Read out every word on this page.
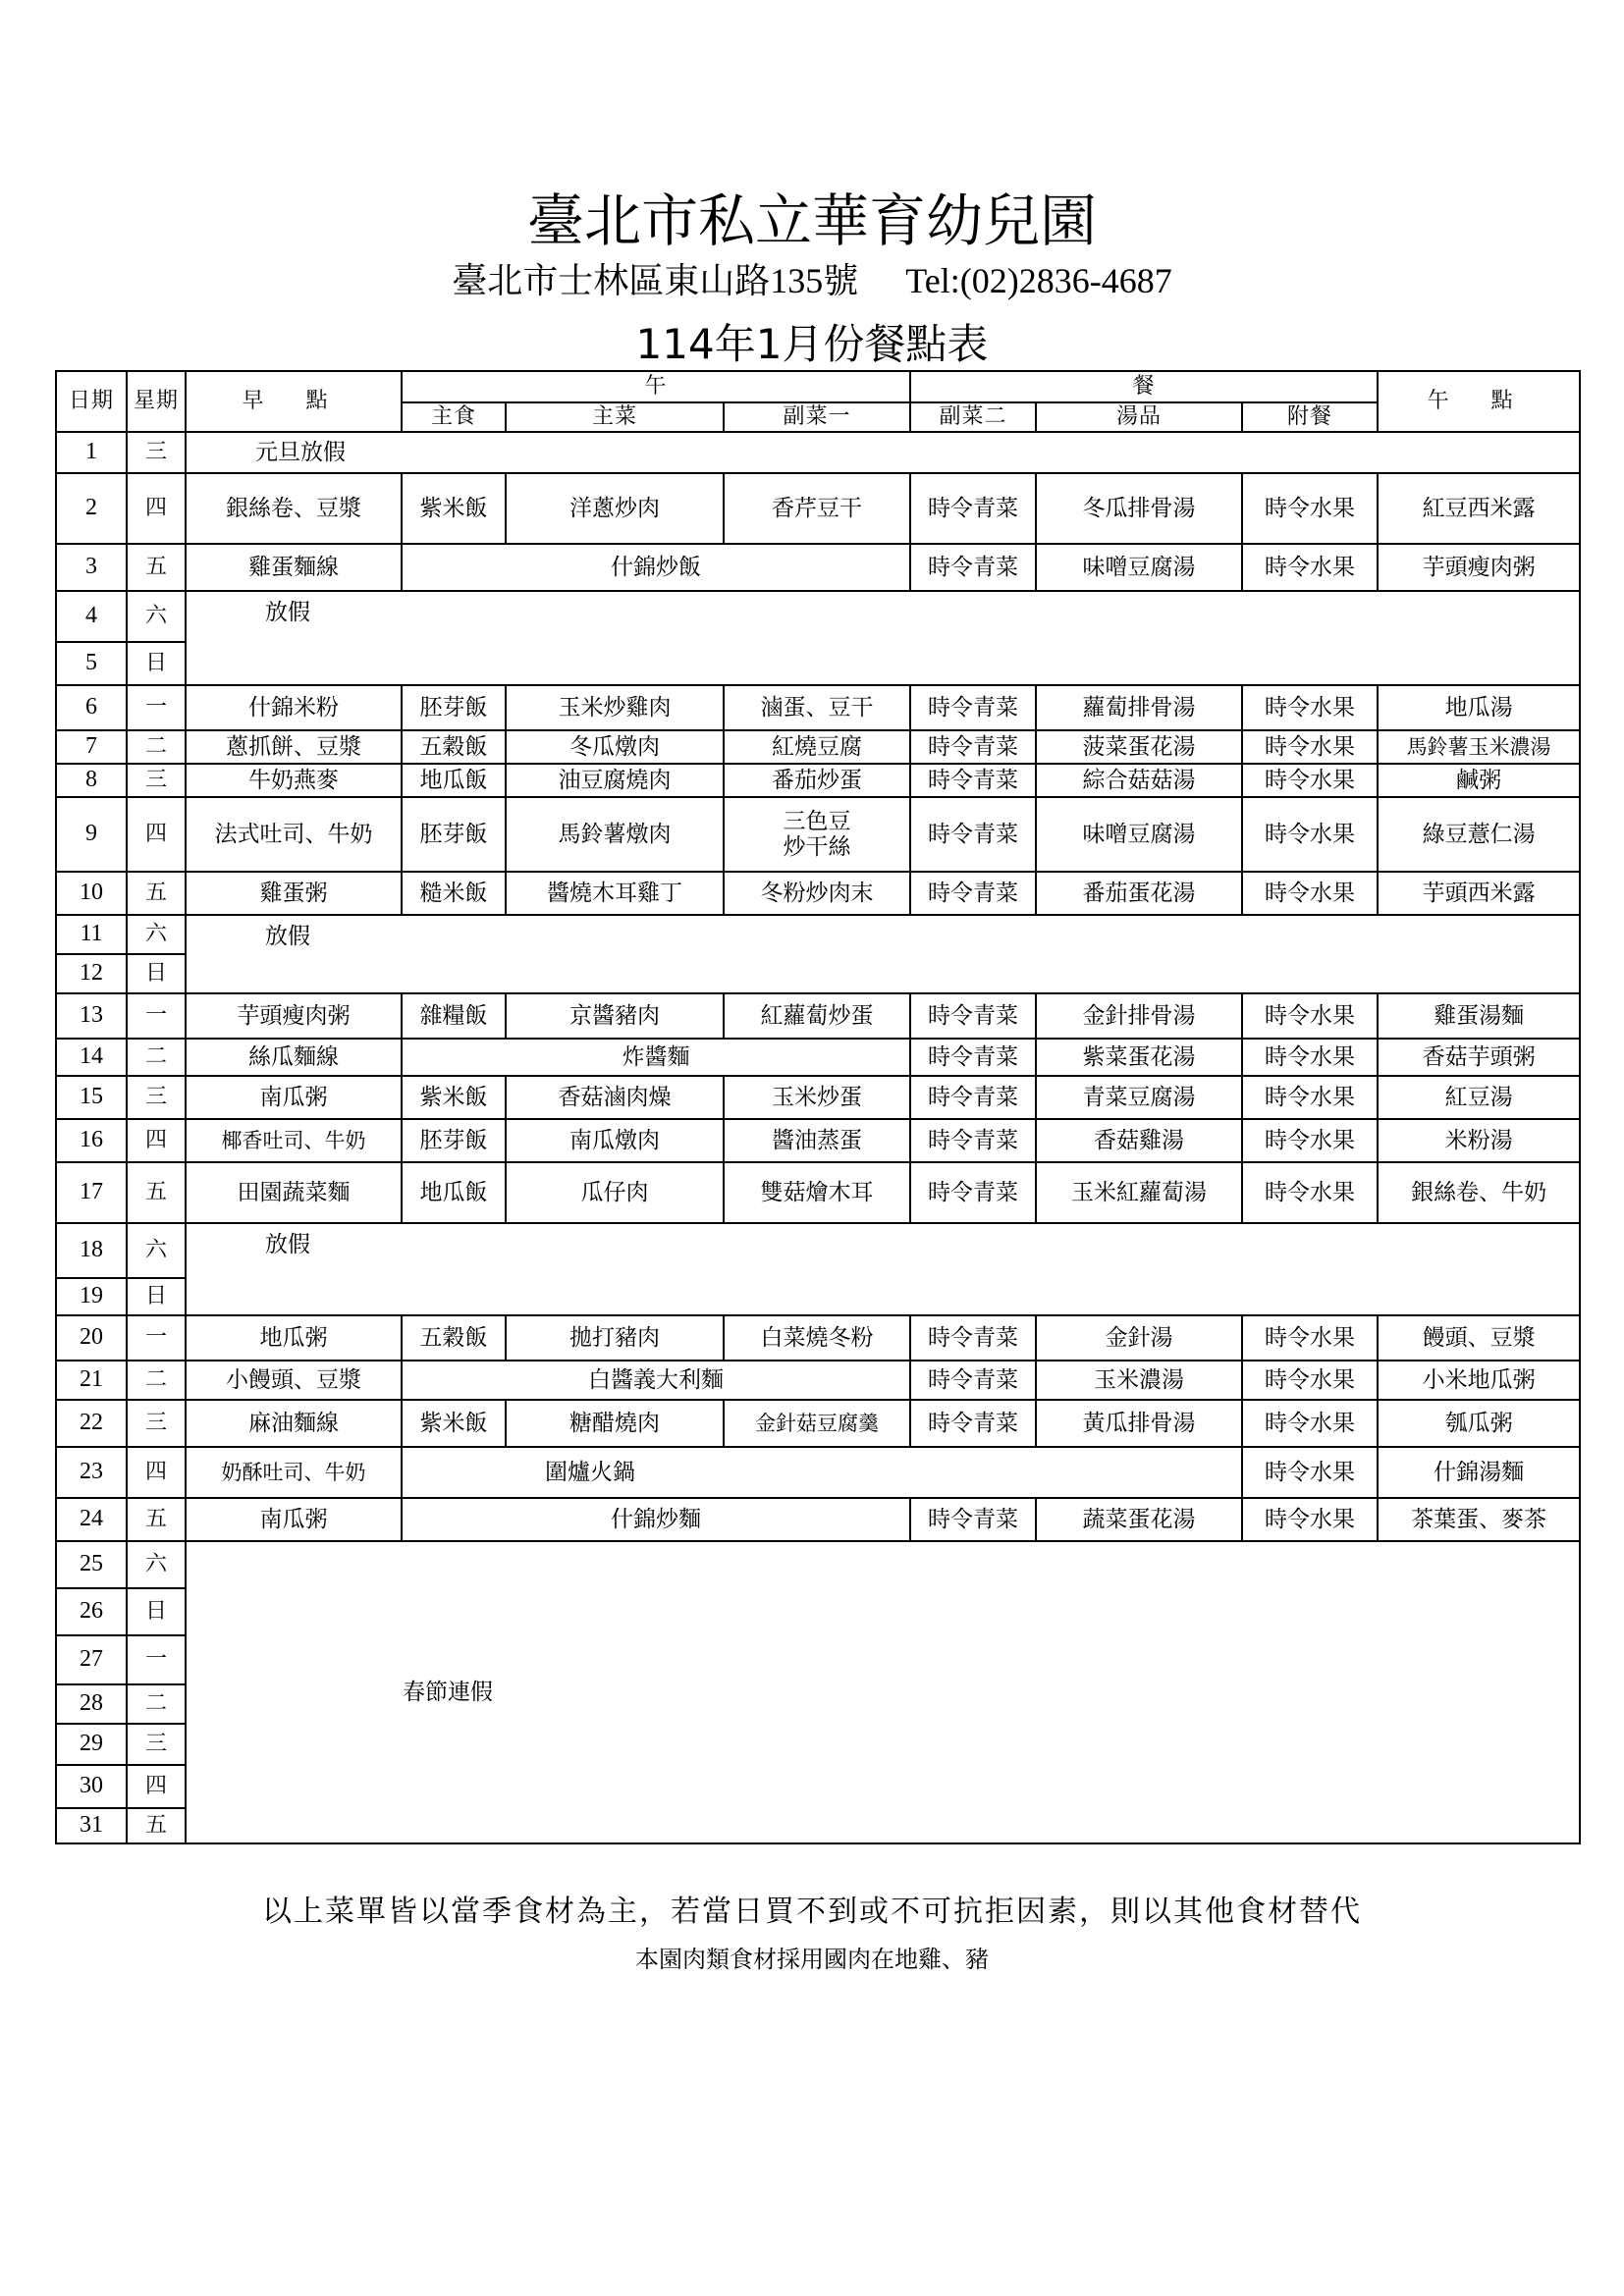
臺北市私立華育幼兒園
臺北市士林區東山路135號 Tel:(02)2836-4687
114年1月份餐點表
日期	星期	早 點	午			餐			午 點
			主食	主菜	副菜一	副菜二	湯品	附餐	
1	三	元旦放假							
2	四	銀絲卷、豆漿	紫米飯	洋蔥炒肉	香芹豆干	時令青菜	冬瓜排骨湯	時令水果	紅豆西米露
3	五	雞蛋麵線	什錦炒飯			時令青菜	味噌豆腐湯	時令水果	芋頭瘦肉粥
4	六	放假							
5	日								
6	一	什錦米粉	胚芽飯	玉米炒雞肉	滷蛋、豆干	時令青菜	蘿蔔排骨湯	時令水果	地瓜湯
7	二	蔥抓餅、豆漿	五穀飯	冬瓜燉肉	紅燒豆腐	時令青菜	菠菜蛋花湯	時令水果	馬鈴薯玉米濃湯
8	三	牛奶燕麥	地瓜飯	油豆腐燒肉	番茄炒蛋	時令青菜	綜合菇菇湯	時令水果	鹹粥
9	四	法式吐司、牛奶	胚芽飯	馬鈴薯燉肉	三色豆
炒干絲	時令青菜	味噌豆腐湯	時令水果	綠豆薏仁湯
10	五	雞蛋粥	糙米飯	醬燒木耳雞丁	冬粉炒肉末	時令青菜	番茄蛋花湯	時令水果	芋頭西米露
11	六	放假							
12	日								
13	一	芋頭瘦肉粥	雜糧飯	京醬豬肉	紅蘿蔔炒蛋	時令青菜	金針排骨湯	時令水果	雞蛋湯麵
14	二	絲瓜麵線	炸醬麵			時令青菜	紫菜蛋花湯	時令水果	香菇芋頭粥
15	三	南瓜粥	紫米飯	香菇滷肉燥	玉米炒蛋	時令青菜	青菜豆腐湯	時令水果	紅豆湯
16	四	椰香吐司、牛奶	胚芽飯	南瓜燉肉	醬油蒸蛋	時令青菜	香菇雞湯	時令水果	米粉湯
17	五	田園蔬菜麵	地瓜飯	瓜仔肉	雙菇燴木耳	時令青菜	玉米紅蘿蔔湯	時令水果	銀絲卷、牛奶
18	六	放假							
19	日								
20	一	地瓜粥	五穀飯	拋打豬肉	白菜燒冬粉	時令青菜	金針湯	時令水果	饅頭、豆漿
21	二	小饅頭、豆漿	白醬義大利麵			時令青菜	玉米濃湯	時令水果	小米地瓜粥
22	三	麻油麵線	紫米飯	糖醋燒肉	金針菇豆腐羹	時令青菜	黃瓜排骨湯	時令水果	瓠瓜粥
23	四	奶酥吐司、牛奶	圍爐火鍋					時令水果	什錦湯麵
24	五	南瓜粥	什錦炒麵			時令青菜	蔬菜蛋花湯	時令水果	茶葉蛋、麥茶
25	六	春節連假							
26	日								
27	一								
28	二								
29	三								
30	四								
31	五								
以上菜單皆以當季食材為主，若當日買不到或不可抗拒因素，則以其他食材替代
本園肉類食材採用國肉在地雞、豬
